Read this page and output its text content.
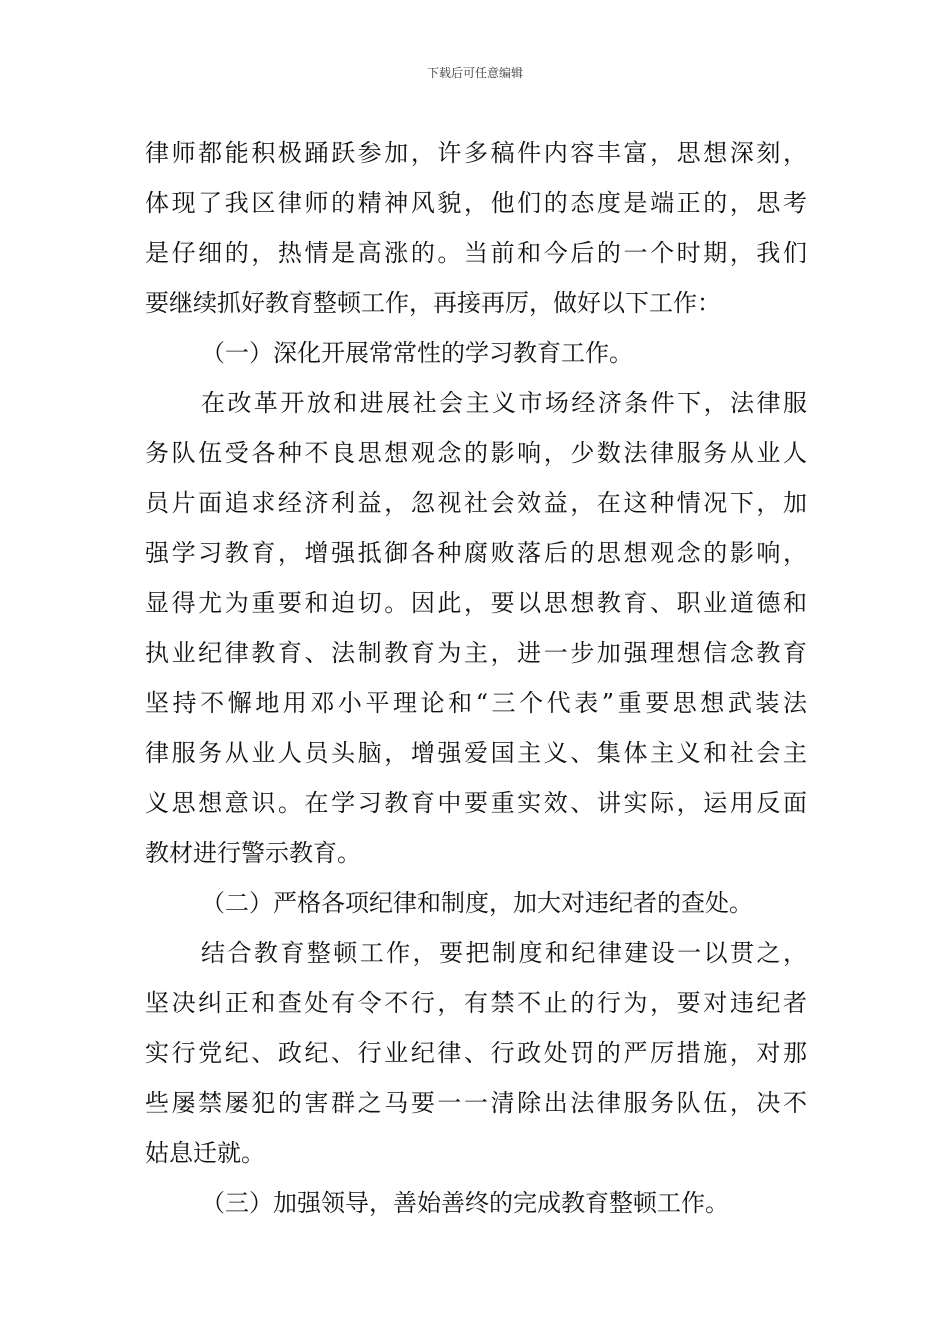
下载后可任意编辑
律师都能积极踊跃参加，许多稿件内容丰富，思想深刻，
体现了我区律师的精神风貌，他们的态度是端正的，思考
是仔细的，热情是高涨的。当前和今后的一个时期，我们
要继续抓好教育整顿工作，再接再厉，做好以下工作：
（一）深化开展常常性的学习教育工作。
在改革开放和进展社会主义市场经济条件下，法律服
务队伍受各种不良思想观念的影响，少数法律服务从业人
员片面追求经济利益，忽视社会效益，在这种情况下，加
强学习教育，增强抵御各种腐败落后的思想观念的影响，
显得尤为重要和迫切。因此，要以思想教育、职业道德和
执业纪律教育、法制教育为主，进一步加强理想信念教育
坚持不懈地用邓小平理论和“三个代表”重要思想武装法
律服务从业人员头脑，增强爱国主义、集体主义和社会主
义思想意识。在学习教育中要重实效、讲实际，运用反面
教材进行警示教育。
（二）严格各项纪律和制度，加大对违纪者的查处。
结合教育整顿工作，要把制度和纪律建设一以贯之，
坚决纠正和查处有令不行，有禁不止的行为，要对违纪者
实行党纪、政纪、行业纪律、行政处罚的严厉措施，对那
些屡禁屡犯的害群之马要一一清除出法律服务队伍，决不
姑息迁就。
（三）加强领导，善始善终的完成教育整顿工作。
